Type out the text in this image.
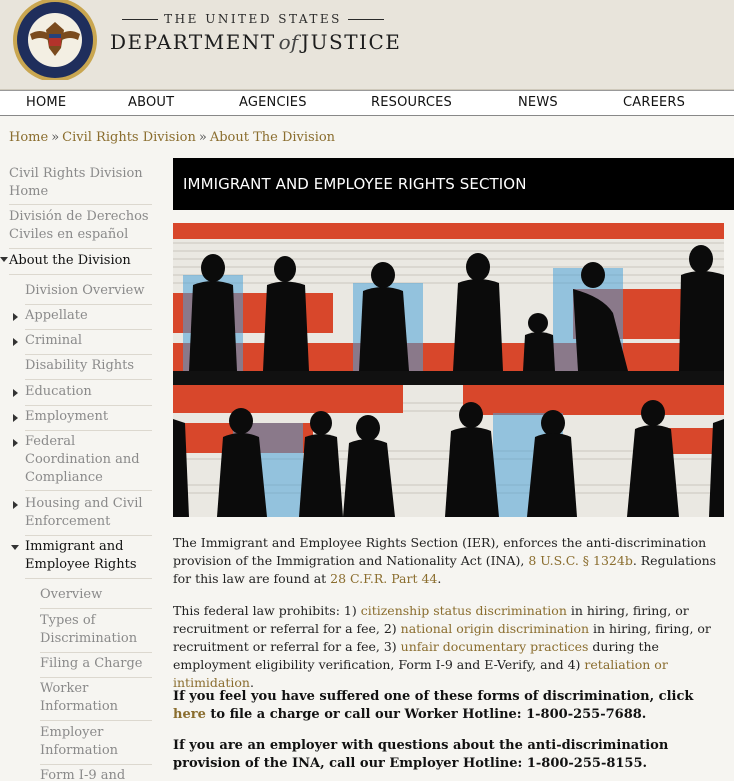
THE UNITED STATES
DEPARTMENT of JUSTICE
HOME	ABOUT	AGENCIES	RESOURCES	NEWS	CAREERS
Home » Civil Rights Division » About The Division
Civil Rights Division Home
División de Derechos Civiles en español
About the Division
Division Overview
Appellate
Criminal
Disability Rights
Education
Employment
Federal Coordination and Compliance
Housing and Civil Enforcement
Immigrant and Employee Rights
Overview
Types of Discrimination
Filing a Charge
Worker Information
Employer Information
Form I-9 and
IMMIGRANT AND EMPLOYEE RIGHTS SECTION
The Immigrant and Employee Rights Section (IER), enforces the anti-discrimination provision of the Immigration and Nationality Act (INA), 8 U.S.C. § 1324b. Regulations for this law are found at 28 C.F.R. Part 44.
This federal law prohibits: 1) citizenship status discrimination in hiring, firing, or recruitment or referral for a fee, 2) national origin discrimination in hiring, firing, or recruitment or referral for a fee, 3) unfair documentary practices during the employment eligibility verification, Form I-9 and E-Verify, and 4) retaliation or intimidation.
If you feel you have suffered one of these forms of discrimination, click here to file a charge or call our Worker Hotline: 1-800-255-7688.
If you are an employer with questions about the anti-discrimination provision of the INA, call our Employer Hotline: 1-800-255-8155.
